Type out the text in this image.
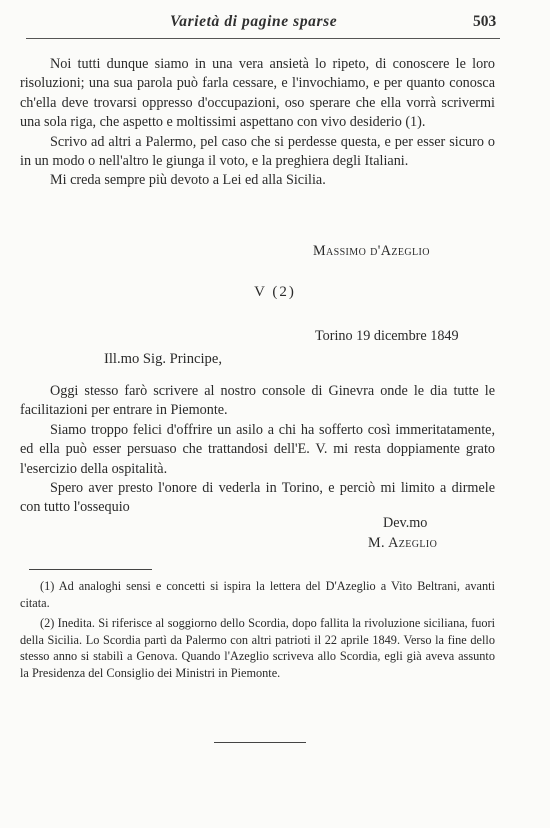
Varietà di pagine sparse	503

Noi tutti dunque siamo in una vera ansietà lo ripeto, di conoscere le loro risoluzioni; una sua parola può farla cessare, e l'invochiamo, e per quanto conosca ch'ella deve trovarsi oppresso d'occupazioni, oso sperare che ella vorrà scrivermi una sola riga, che aspetto e moltissimi aspettano con vivo desiderio (1).

Scrivo ad altri a Palermo, pel caso che si perdesse questa, e per esser sicuro o in un modo o nell'altro le giunga il voto, e la preghiera degli Italiani.

Mi creda sempre più devoto a Lei ed alla Sicilia.

Massimo d'Azeglio
V (2)
Torino 19 dicembre 1849
Ill.mo Sig. Principe,

Oggi stesso farò scrivere al nostro console di Ginevra onde le dia tutte le facilitazioni per entrare in Piemonte.

Siamo troppo felici d'offrire un asilo a chi ha sofferto così immeritatamente, ed ella può esser persuaso che trattandosi dell'E. V. mi resta doppiamente grato l'esercizio della ospitalità.

Spero aver presto l'onore di vederla in Torino, e perciò mi limito a dirmele con tutto l'ossequio

Dev.mo
M. Azeglio

(1) Ad analoghi sensi e concetti si ispira la lettera del D'Azeglio a Vito Beltrani, avanti citata.

(2) Inedita. Si riferisce al soggiorno dello Scordia, dopo fallita la rivoluzione siciliana, fuori della Sicilia. Lo Scordia partì da Palermo con altri patrioti il 22 aprile 1849. Verso la fine dello stesso anno si stabilì a Genova. Quando l'Azeglio scriveva allo Scordia, egli già aveva assunto la Presidenza del Consiglio dei Ministri in Piemonte.
